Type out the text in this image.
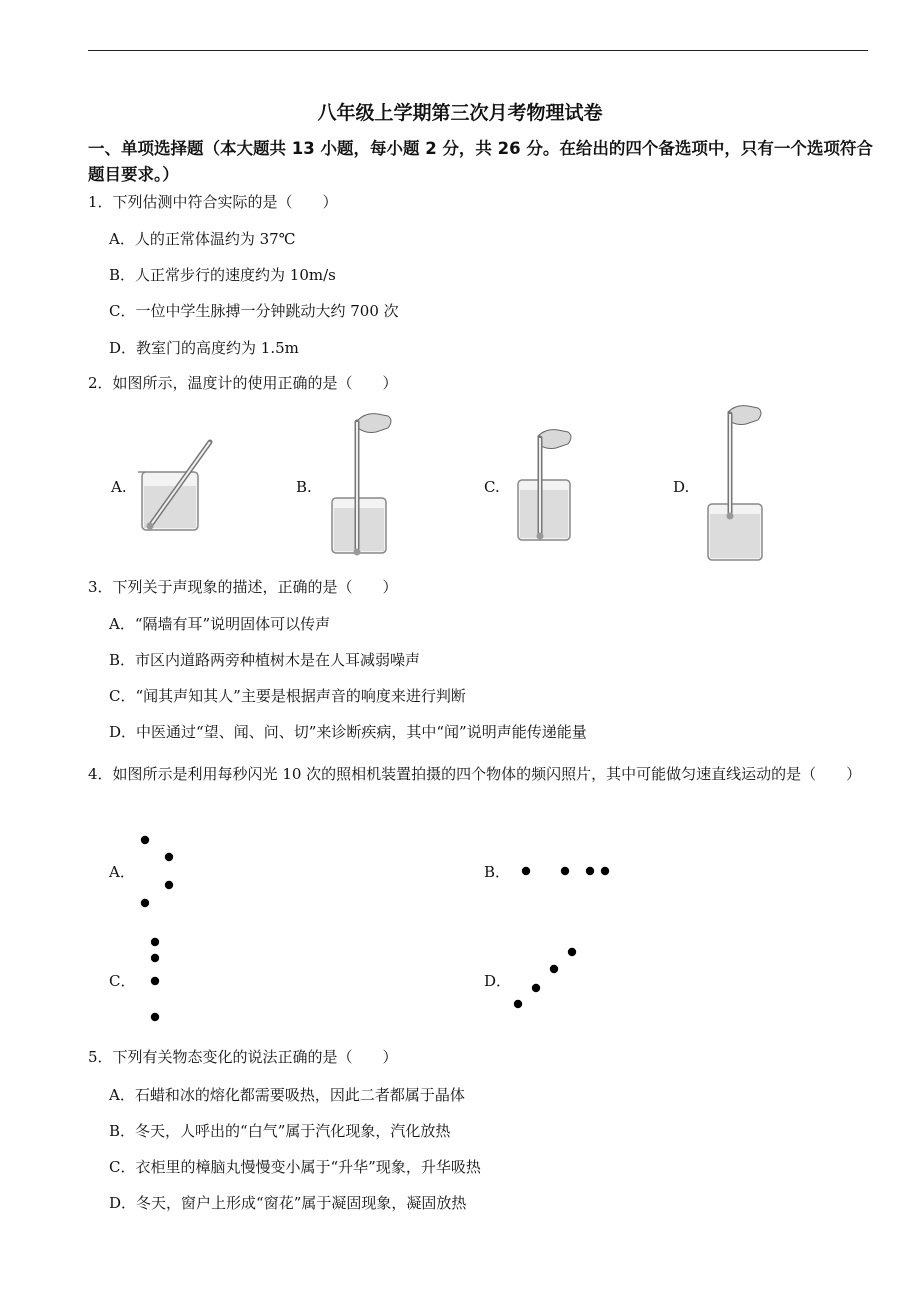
八年级上学期第三次月考物理试卷
一、单项选择题（本大题共 13 小题，每小题 2 分，共 26 分。在给出的四个备选项中，只有一个选项符合题目要求。）
1．下列估测中符合实际的是（　　）
A．人的正常体温约为 37℃
B．人正常步行的速度约为 10m/s
C．一位中学生脉搏一分钟跳动大约 700 次
D．教室门的高度约为 1.5m
2．如图所示，温度计的使用正确的是（　　）
A.	B.	C.	D.
3．下列关于声现象的描述，正确的是（　　）
A．“隔墙有耳”说明固体可以传声
B．市区内道路两旁种植树木是在人耳减弱噪声
C．“闻其声知其人”主要是根据声音的响度来进行判断
D．中医通过“望、闻、问、切”来诊断疾病，其中“闻”说明声能传递能量
4．如图所示是利用每秒闪光 10 次的照相机装置拍摄的四个物体的频闪照片，其中可能做匀速直线运动的是（　　）
A．	B．
C．	D．
5．下列有关物态变化的说法正确的是（　　）
A．石蜡和冰的熔化都需要吸热，因此二者都属于晶体
B．冬天，人呼出的“白气”属于汽化现象，汽化放热
C．衣柜里的樟脑丸慢慢变小属于“升华”现象，升华吸热
D．冬天，窗户上形成“窗花”属于凝固现象，凝固放热
